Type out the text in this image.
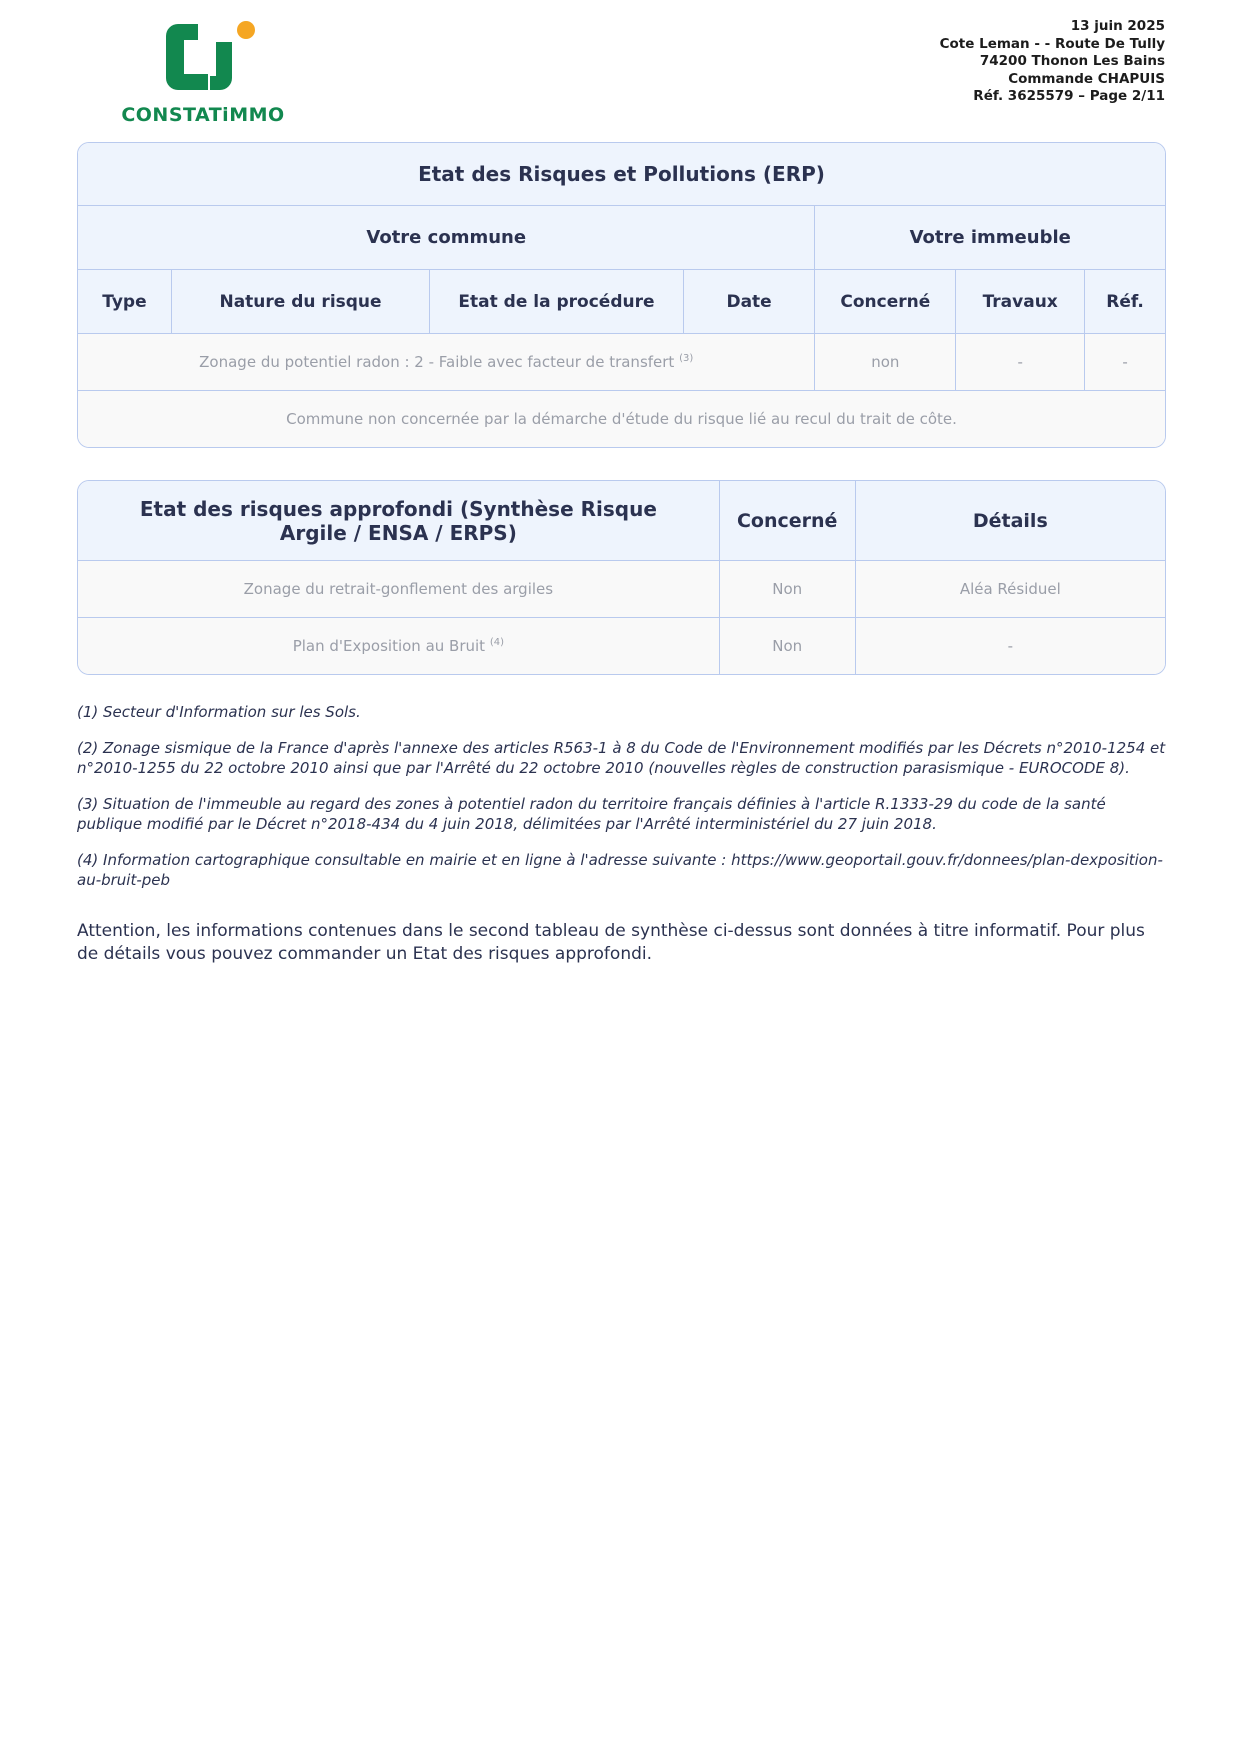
CONSTATiMMO
13 juin 2025
Cote Leman - - Route De Tully
74200 Thonon Les Bains
Commande CHAPUIS
Réf. 3625579 – Page 2/11
Etat des Risques et Pollutions (ERP)						
Votre commune				Votre immeuble		
Type	Nature du risque	Etat de la procédure	Date	Concerné	Travaux	Réf.
Zonage du potentiel radon : 2 - Faible avec facteur de transfert $^{(3)}$				non	-	-
Commune non concernée par la démarche d'étude du risque lié au recul du trait de côte.						
Etat des risques approfondi (Synthèse Risque Argile / ENSA / ERPS)	Concerné	Détails
Zonage du retrait-gonflement des argiles	Non	Aléa Résiduel
Plan d'Exposition au Bruit $^{(4)}$	Non	-

(1) Secteur d'Information sur les Sols.

(2) Zonage sismique de la France d'après l'annexe des articles R563-1 à 8 du Code de l'Environnement modifiés par les Décrets n°2010-1254 et n°2010-1255 du 22 octobre 2010 ainsi que par l'Arrêté du 22 octobre 2010 (nouvelles règles de construction parasismique - EUROCODE 8).

(3) Situation de l'immeuble au regard des zones à potentiel radon du territoire français définies à l'article R.1333-29 du code de la santé publique modifié par le Décret n°2018-434 du 4 juin 2018, délimitées par l'Arrêté interministériel du 27 juin 2018.

(4) Information cartographique consultable en mairie et en ligne à l'adresse suivante : https://www.geoportail.gouv.fr/donnees/plan-dexposition-au-bruit-peb

Attention, les informations contenues dans le second tableau de synthèse ci-dessus sont données à titre informatif. Pour plus de détails vous pouvez commander un Etat des risques approfondi.
